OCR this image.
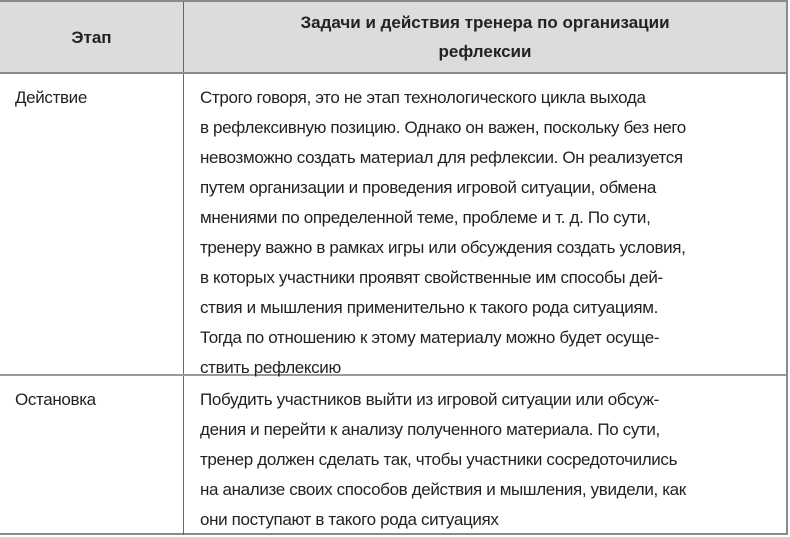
Этап
Задачи и действия тренера по организации
рефлексии
Действие	Строго говоря, это не этап технологического цикла выхода
в рефлексивную позицию. Однако он важен, поскольку без него
невозможно создать материал для рефлексии. Он реализуется
путем организации и проведения игровой ситуации, обмена
мнениями по определенной теме, проблеме и т. д. По сути,
тренеру важно в рамках игры или обсуждения создать условия,
в которых участники проявят свойственные им способы дей-
ствия и мышления применительно к такого рода ситуациям.
Тогда по отношению к этому материалу можно будет осуще-
ствить рефлексию
Остановка	Побудить участников выйти из игровой ситуации или обсуж-
дения и перейти к анализу полученного материала. По сути,
тренер должен сделать так, чтобы участники сосредоточились
на анализе своих способов действия и мышления, увидели, как
они поступают в такого рода ситуациях
